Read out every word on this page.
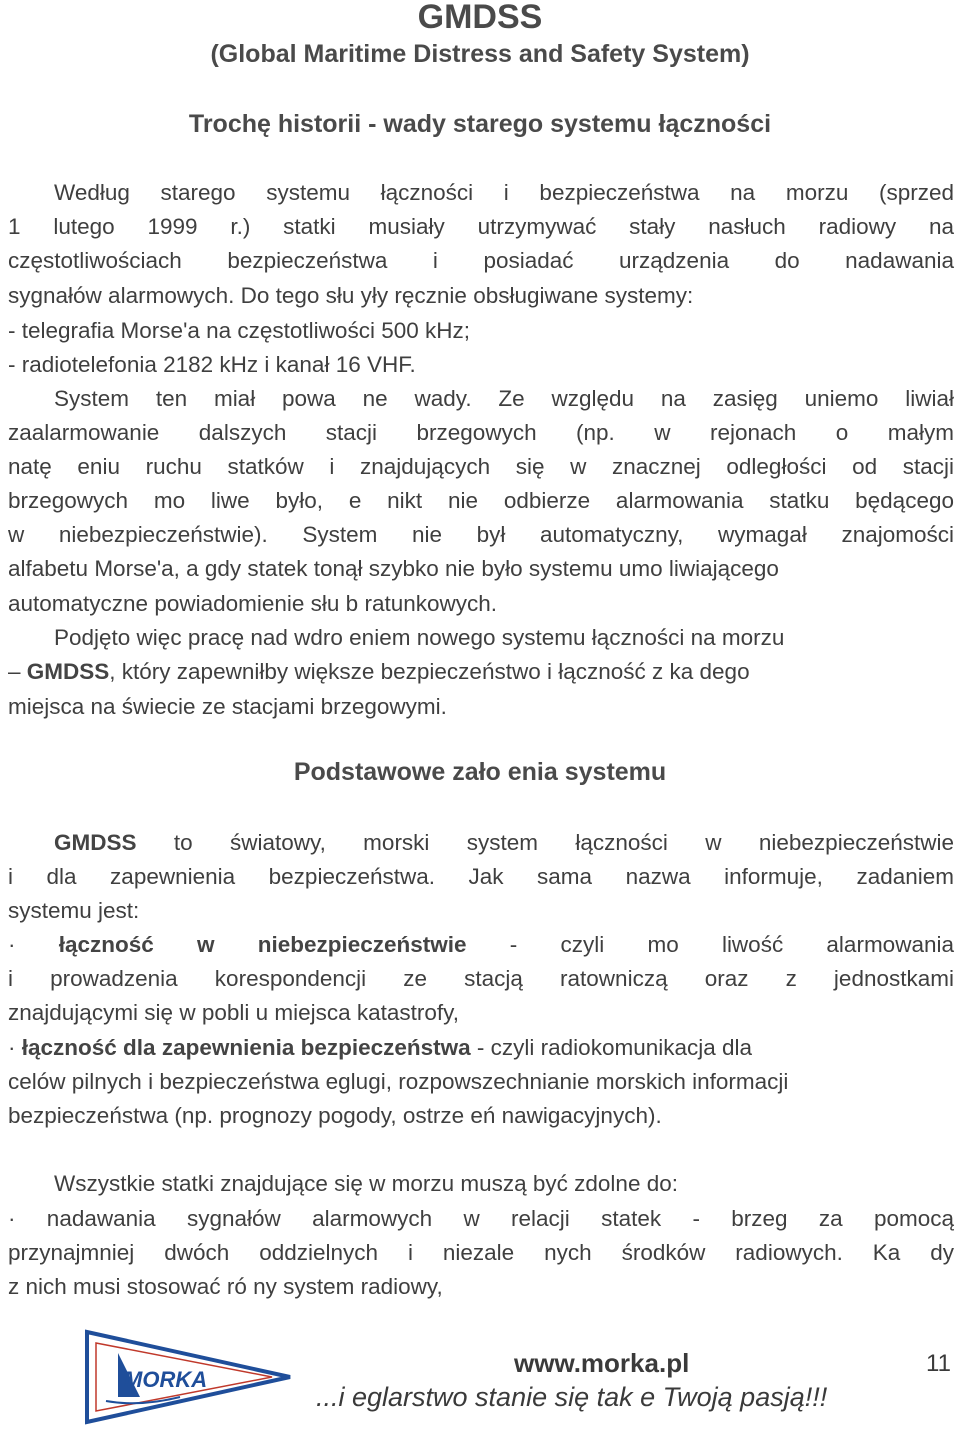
GMDSS
(Global Maritime Distress and Safety System)
Trochę historii - wady starego systemu łączności
Według starego systemu łączności i bezpieczeństwa na morzu (sprzed
1 lutego 1999 r.) statki musiały utrzymywać stały nasłuch radiowy na
częstotliwościach bezpieczeństwa i posiadać urządzenia do nadawania
sygnałów alarmowych. Do tego słu yły ręcznie obsługiwane systemy:
- telegrafia Morse'a na częstotliwości 500 kHz;
- radiotelefonia 2182 kHz i kanał 16 VHF.
System ten miał powa ne wady. Ze względu na zasięg uniemo liwiał
zaalarmowanie dalszych stacji brzegowych (np. w rejonach o małym
natę eniu ruchu statków i znajdujących się w znacznej odległości od stacji
brzegowych mo liwe było, e nikt nie odbierze alarmowania statku będącego
w niebezpieczeństwie). System nie był automatyczny, wymagał znajomości
alfabetu Morse'a, a gdy statek tonął szybko nie było systemu umo liwiającego
automatyczne powiadomienie słu b ratunkowych.
Podjęto więc pracę nad wdro eniem nowego systemu łączności na morzu
– GMDSS, który zapewniłby większe bezpieczeństwo i łączność z ka dego
miejsca na świecie ze stacjami brzegowymi.
Podstawowe zało enia systemu
GMDSS to światowy, morski system łączności w niebezpieczeństwie
i dla zapewnienia bezpieczeństwa. Jak sama nazwa informuje, zadaniem
systemu jest:
· łączność w niebezpieczeństwie - czyli mo liwość alarmowania
i prowadzenia korespondencji ze stacją ratowniczą oraz z jednostkami
znajdującymi się w pobli u miejsca katastrofy,
· łączność dla zapewnienia bezpieczeństwa - czyli radiokomunikacja dla
celów pilnych i bezpieczeństwa eglugi, rozpowszechnianie morskich informacji
bezpieczeństwa (np. prognozy pogody, ostrze eń nawigacyjnych).
Wszystkie statki znajdujące się w morzu muszą być zdolne do:
· nadawania sygnałów alarmowych w relacji statek - brzeg za pomocą
przynajmniej dwóch oddzielnych i niezale nych środków radiowych. Ka dy
z nich musi stosować ró ny system radiowy,
MORKA
www.morka.pl	11
...i eglarstwo stanie się tak e Twoją pasją!!!
